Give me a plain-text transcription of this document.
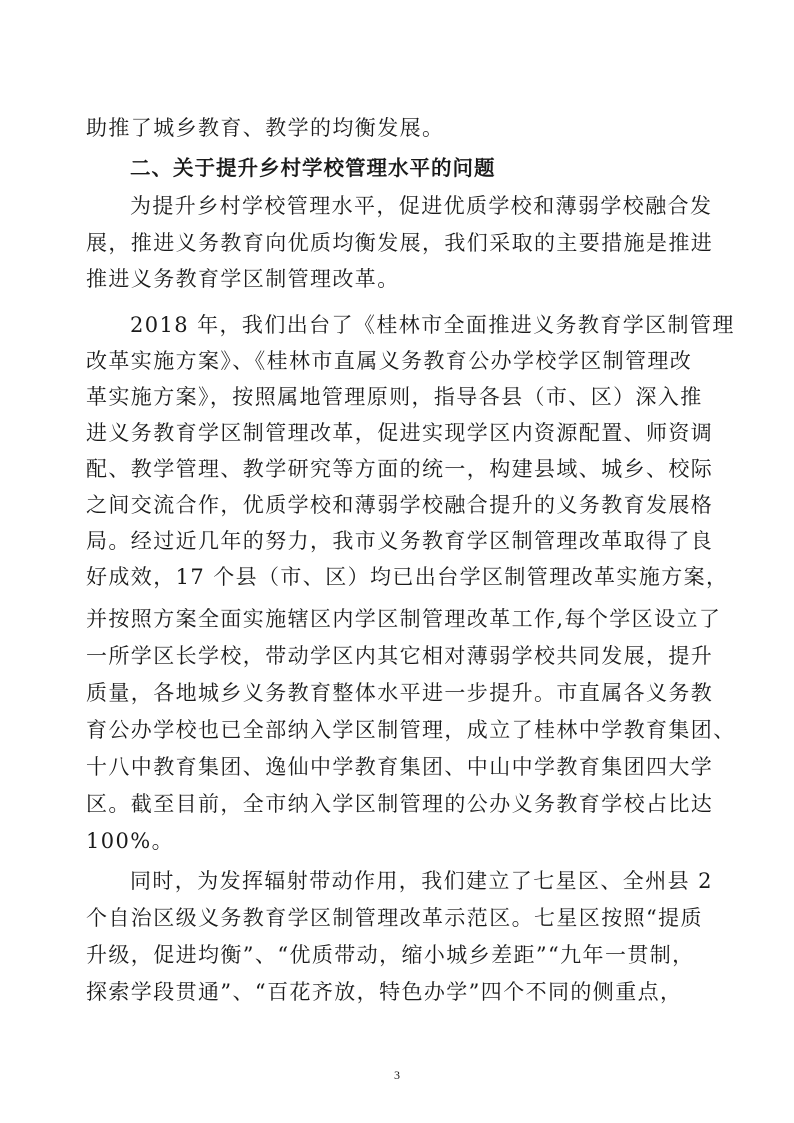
助推了城乡教育、教学的均衡发展。
二、关于提升乡村学校管理水平的问题
为提升乡村学校管理水平，促进优质学校和薄弱学校融合发
展，推进义务教育向优质均衡发展，我们采取的主要措施是推进
推进义务教育学区制管理改革。
2018 年，我们出台了《桂林市全面推进义务教育学区制管理
改革实施方案》、《桂林市直属义务教育公办学校学区制管理改
革实施方案》，按照属地管理原则，指导各县（市、区）深入推
进义务教育学区制管理改革，促进实现学区内资源配置、师资调
配、教学管理、教学研究等方面的统一，构建县域、城乡、校际
之间交流合作，优质学校和薄弱学校融合提升的义务教育发展格
局。经过近几年的努力，我市义务教育学区制管理改革取得了良
好成效，17 个县（市、区）均已出台学区制管理改革实施方案，
并按照方案全面实施辖区内学区制管理改革工作,每个学区设立了
一所学区长学校，带动学区内其它相对薄弱学校共同发展，提升
质量，各地城乡义务教育整体水平进一步提升。市直属各义务教
育公办学校也已全部纳入学区制管理，成立了桂林中学教育集团、
十八中教育集团、逸仙中学教育集团、中山中学教育集团四大学
区。截至目前，全市纳入学区制管理的公办义务教育学校占比达
100%。
同时，为发挥辐射带动作用，我们建立了七星区、全州县 2
个自治区级义务教育学区制管理改革示范区。七星区按照“提质
升级，促进均衡”、“优质带动，缩小城乡差距”“九年一贯制，
探索学段贯通”、“百花齐放，特色办学”四个不同的侧重点，
3
